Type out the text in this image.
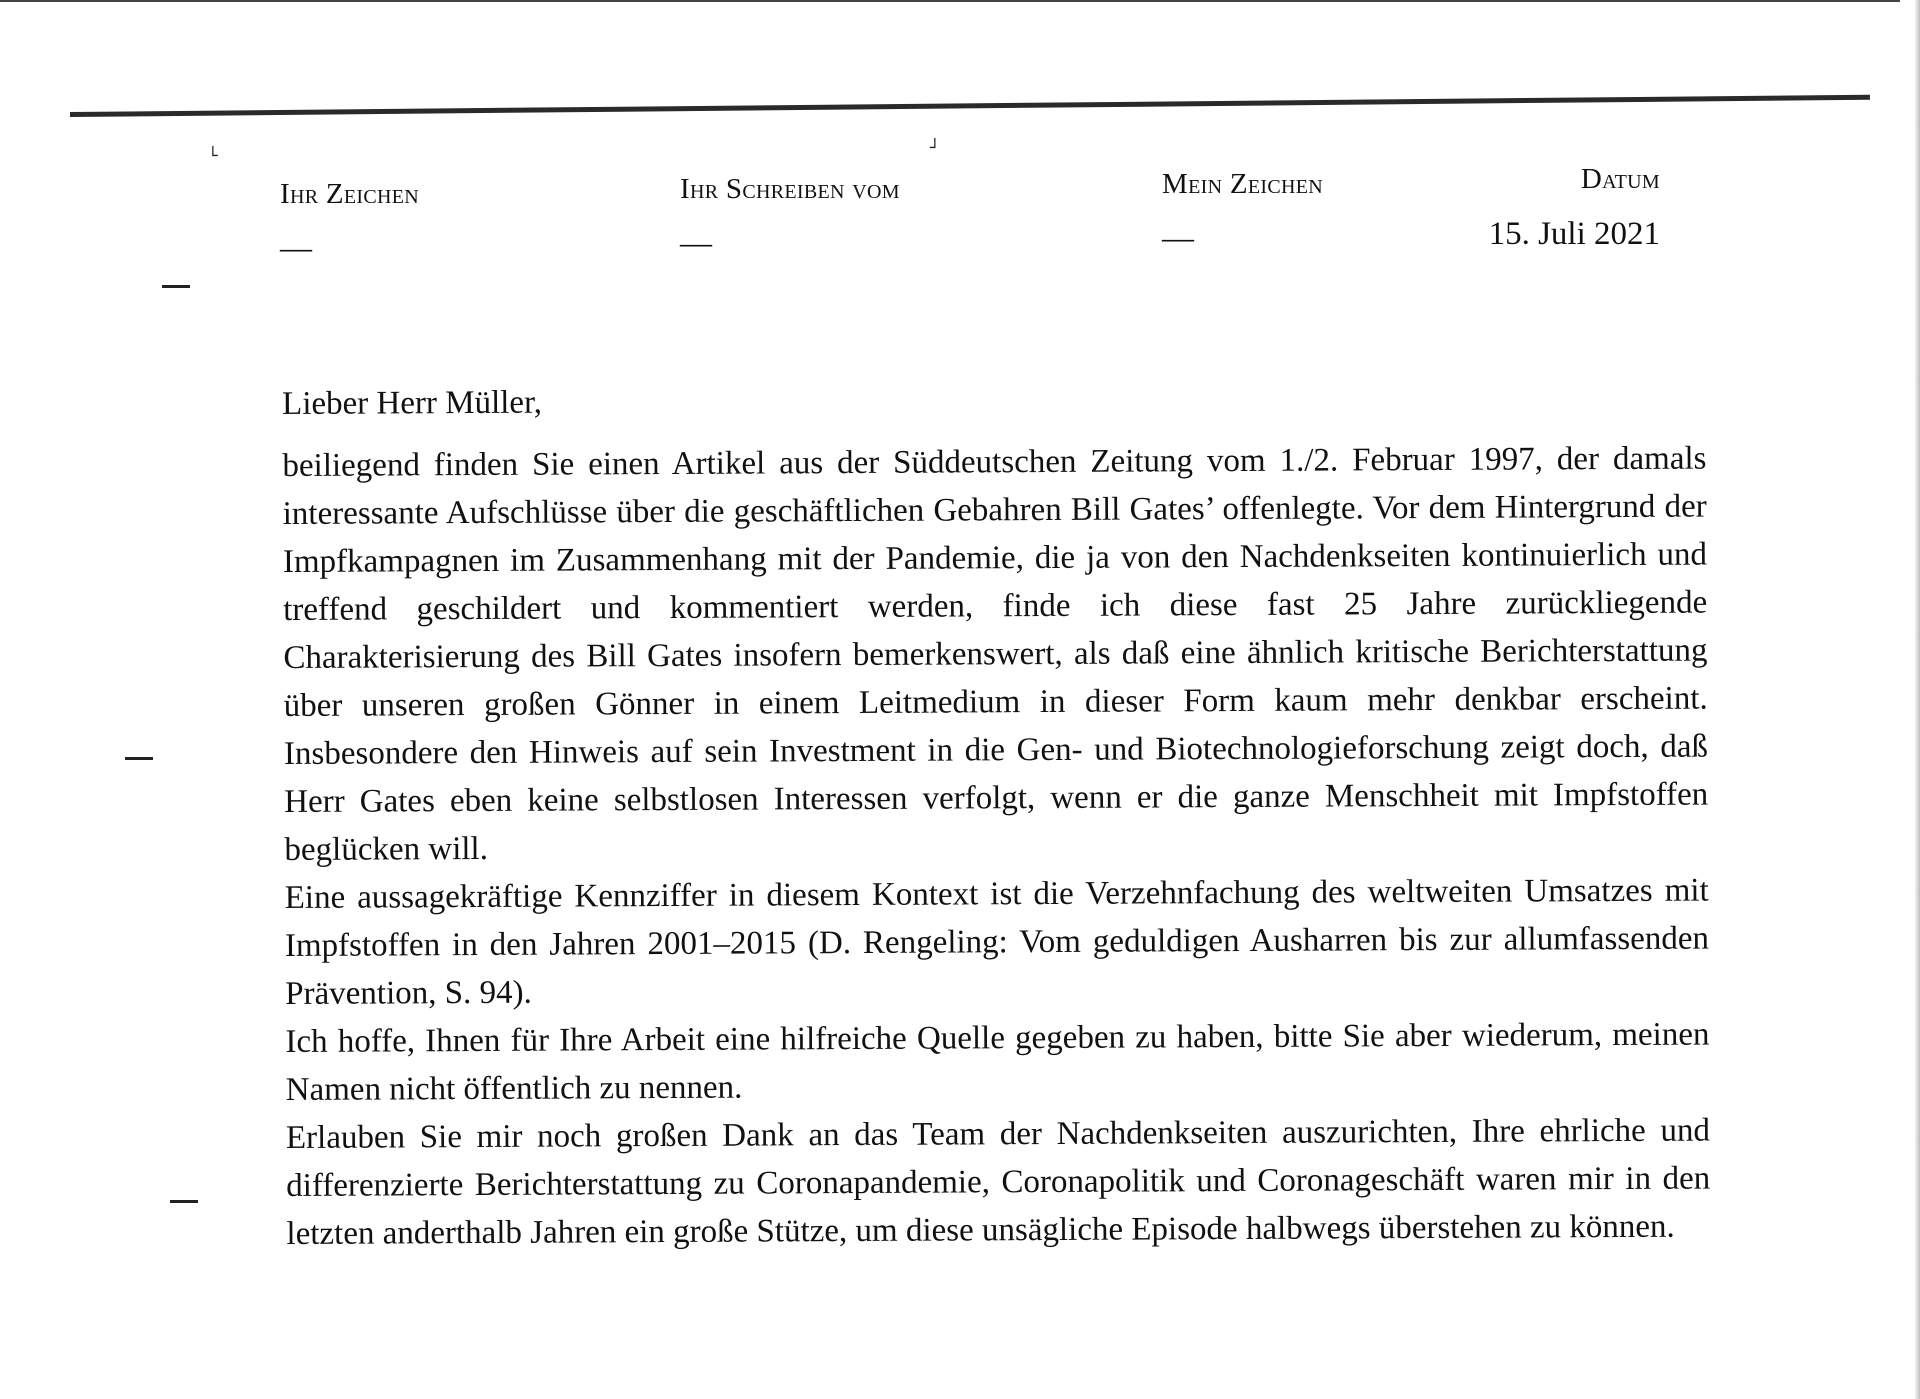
└	┘
Ihr Zeichen
—
Ihr Schreiben vom
—
Mein Zeichen
—
Datum
15. Juli 2021

Lieber Herr Müller,

beiliegend finden Sie einen Artikel aus der Süddeutschen Zeitung vom 1./2. Februar 1997, der damals interessante Aufschlüsse über die geschäftlichen Gebahren Bill Gates’ offenlegte. Vor dem Hintergrund der Impfkampagnen im Zusammenhang mit der Pandemie, die ja von den Nachdenkseiten kontinuierlich und treffend geschildert und kommentiert werden, finde ich diese fast 25 Jahre zurückliegende Charakterisierung des Bill Gates insofern bemerkenswert, als daß eine ähnlich kritische Berichterstattung über unseren großen Gönner in einem Leitmedium in dieser Form kaum mehr denkbar erscheint. Insbesondere den Hinweis auf sein Investment in die Gen- und Biotechnologieforschung zeigt doch, daß Herr Gates eben keine selbstlosen Interessen verfolgt, wenn er die ganze Menschheit mit Impfstoffen beglücken will.

Eine aussagekräftige Kennziffer in diesem Kontext ist die Verzehnfachung des weltweiten Umsatzes mit Impfstoffen in den Jahren 2001–2015 (D. Rengeling: Vom geduldigen Ausharren bis zur allumfassenden Prävention, S. 94).

Ich hoffe, Ihnen für Ihre Arbeit eine hilfreiche Quelle gegeben zu haben, bitte Sie aber wiederum, meinen Namen nicht öffentlich zu nennen.

Erlauben Sie mir noch großen Dank an das Team der Nachdenkseiten auszurichten, Ihre ehrliche und differenzierte Berichterstattung zu Coronapandemie, Coronapolitik und Coronageschäft waren mir in den letzten anderthalb Jahren ein große Stütze, um diese unsägliche Episode halbwegs überstehen zu können.
